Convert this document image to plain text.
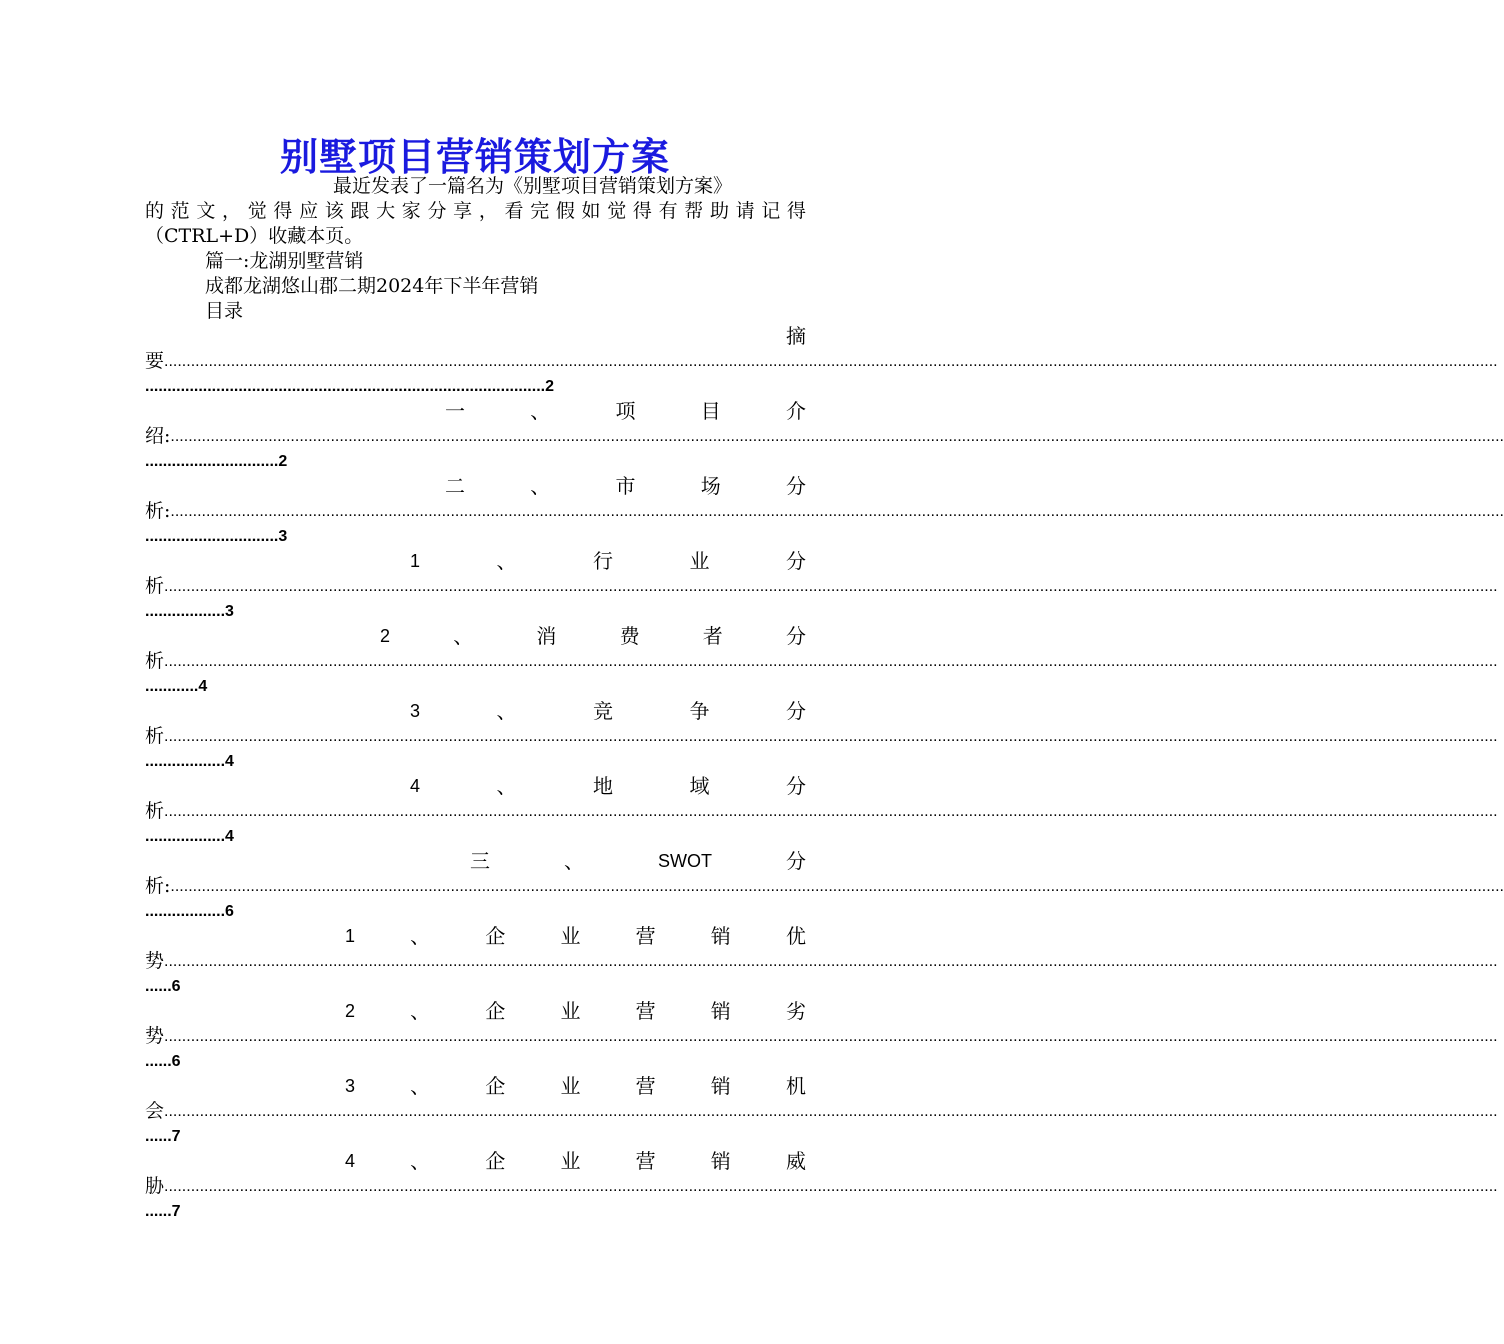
别墅项目营销策划方案
最近发表了一篇名为《别墅项目营销策划方案》
的范文，觉得应该跟大家分享，看完假如觉得有帮助请记得
（CTRL+D）收藏本页。
篇一:龙湖别墅营销
成都龙湖悠山郡二期2024年下半年营销
目录
摘
要 ............................................................................................................................................................................................................................................................................................................
..........................................................................................2
一	、	项	目	介
绍: ............................................................................................................................................................................................................................................................................................................
..............................2
二	、	市	场	分
析: ............................................................................................................................................................................................................................................................................................................
..............................3
1	、	行	业	分
析 ............................................................................................................................................................................................................................................................................................................
..................3
2	、	消	费	者	分
析 ............................................................................................................................................................................................................................................................................................................
............4
3	、	竞	争	分
析 ............................................................................................................................................................................................................................................................................................................
..................4
4	、	地	域	分
析 ............................................................................................................................................................................................................................................................................................................
..................4
三	、	SWOT	分
析: ............................................................................................................................................................................................................................................................................................................
..................6
1	、	企	业	营	销	优
势 ............................................................................................................................................................................................................................................................................................................
......6
2	、	企	业	营	销	劣
势 ............................................................................................................................................................................................................................................................................................................
......6
3	、	企	业	营	销	机
会 ............................................................................................................................................................................................................................................................................................................
......7
4	、	企	业	营	销	威
胁 ............................................................................................................................................................................................................................................................................................................
......7
